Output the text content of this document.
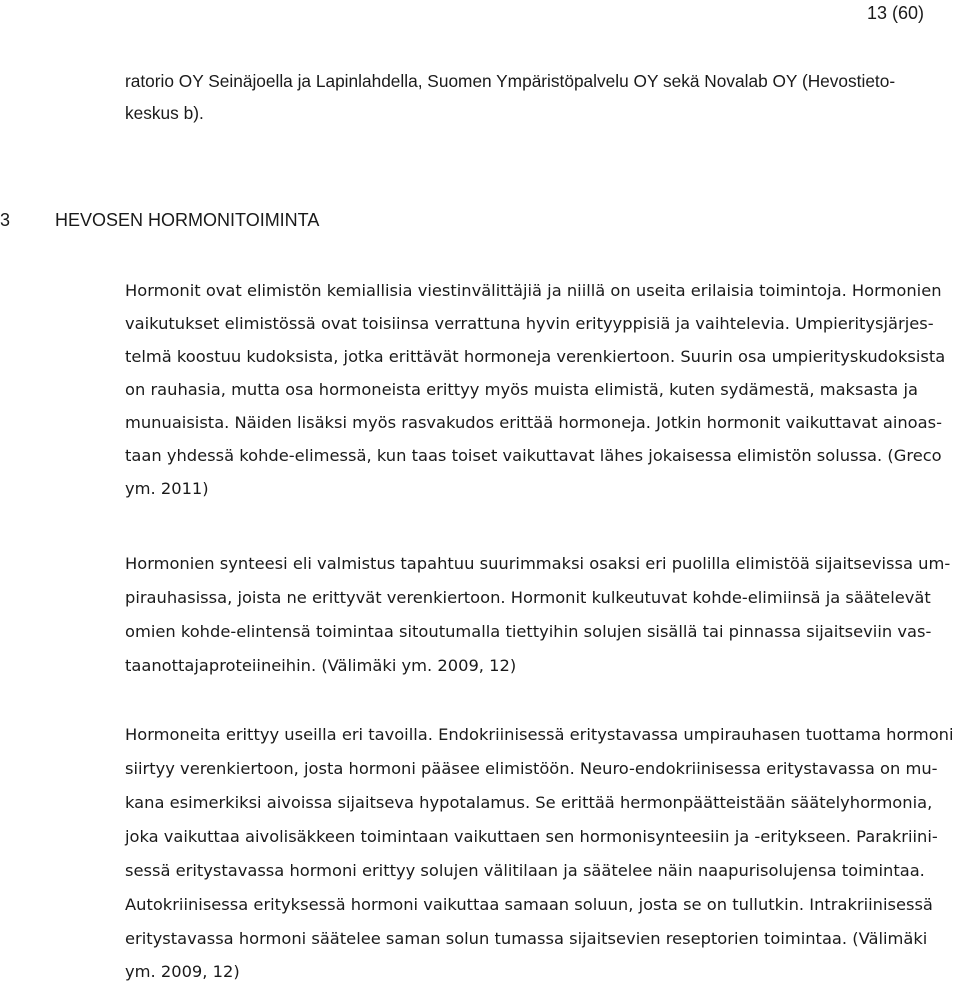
13 (60)
ratorio OY Seinäjoella ja Lapinlahdella, Suomen Ympäristöpalvelu OY sekä Novalab OY (Hevostieto-
keskus b).
3 HEVOSEN HORMONITOIMINTA
Hormonit ovat elimistön kemiallisia viestinvälittäjiä ja niillä on useita erilaisia toimintoja. Hormonien
vaikutukset elimistössä ovat toisiinsa verrattuna hyvin erityyppisiä ja vaihtelevia. Umpieritysjärjes-
telmä koostuu kudoksista, jotka erittävät hormoneja verenkiertoon. Suurin osa umpierityskudoksista
on rauhasia, mutta osa hormoneista erittyy myös muista elimistä, kuten sydämestä, maksasta ja
munuaisista. Näiden lisäksi myös rasvakudos erittää hormoneja. Jotkin hormonit vaikuttavat ainoas-
taan yhdessä kohde-elimessä, kun taas toiset vaikuttavat lähes jokaisessa elimistön solussa. (Greco
ym. 2011)
Hormonien synteesi eli valmistus tapahtuu suurimmaksi osaksi eri puolilla elimistöä sijaitsevissa um-
pirauhasissa, joista ne erittyvät verenkiertoon. Hormonit kulkeutuvat kohde-elimiinsä ja säätelevät
omien kohde-elintensä toimintaa sitoutumalla tiettyihin solujen sisällä tai pinnassa sijaitseviin vas-
taanottajaproteiineihin. (Välimäki ym. 2009, 12)
Hormoneita erittyy useilla eri tavoilla. Endokriinisessä eritystavassa umpirauhasen tuottama hormoni
siirtyy verenkiertoon, josta hormoni pääsee elimistöön. Neuro-endokriinisessa eritystavassa on mu-
kana esimerkiksi aivoissa sijaitseva hypotalamus. Se erittää hermonpäätteistään säätelyhormonia,
joka vaikuttaa aivolisäkkeen toimintaan vaikuttaen sen hormonisynteesiin ja -eritykseen. Parakriini-
sessä eritystavassa hormoni erittyy solujen välitilaan ja säätelee näin naapurisolujensa toimintaa.
Autokriinisessa erityksessä hormoni vaikuttaa samaan soluun, josta se on tullutkin. Intrakriinisessä
eritystavassa hormoni säätelee saman solun tumassa sijaitsevien reseptorien toimintaa. (Välimäki
ym. 2009, 12)
